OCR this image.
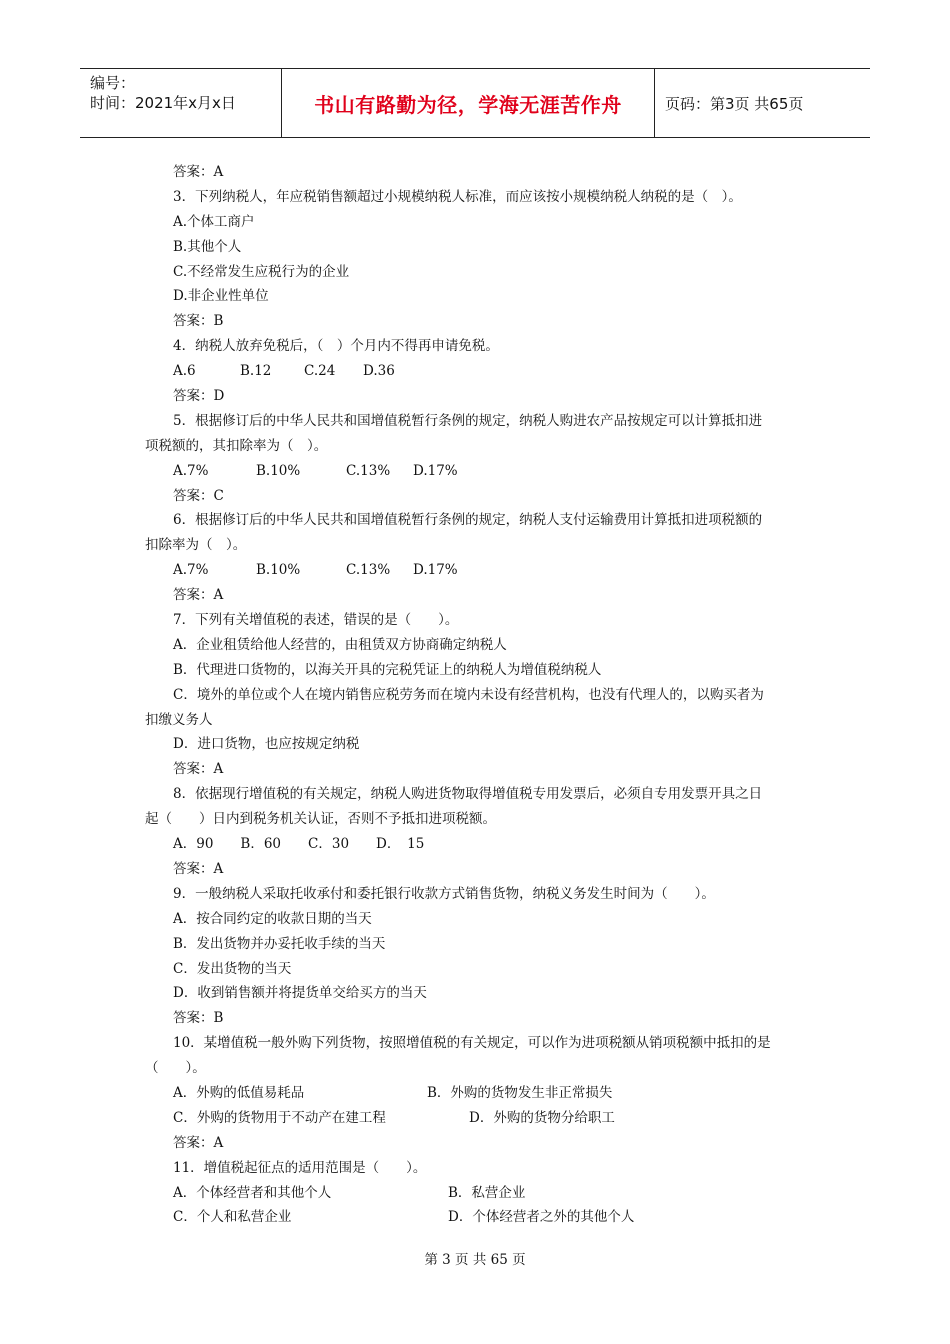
编号：
时间：2021年x月x日	书山有路勤为径，学海无涯苦作舟	页码：第3页 共65页
答案：A
3．下列纳税人，年应税销售额超过小规模纳税人标准，而应该按小规模纳税人纳税的是（　）。
A.个体工商户
B.其他个人
C.不经常发生应税行为的企业
D.非企业性单位
答案：B
4．纳税人放弃免税后，（　）个月内不得再申请免税。
A.6	B.12 C.24 D.36
答案：D
5．根据修订后的中华人民共和国增值税暂行条例的规定，纳税人购进农产品按规定可以计算抵扣进
项税额的，其扣除率为（　）。
A.7%	B.10%	C.13% D.17%
答案：C
6．根据修订后的中华人民共和国增值税暂行条例的规定，纳税人支付运输费用计算抵扣进项税额的
扣除率为（　）。
A.7%	B.10%	C.13% D.17%
答案：A
7．下列有关增值税的表述，错误的是（　　）。
A．企业租赁给他人经营的，由租赁双方协商确定纳税人
B．代理进口货物的，以海关开具的完税凭证上的纳税人为增值税纳税人
C．境外的单位或个人在境内销售应税劳务而在境内未设有经营机构，也没有代理人的，以购买者为
扣缴义务人
D．进口货物，也应按规定纳税
答案：A
8．依据现行增值税的有关规定，纳税人购进货物取得增值税专用发票后，必须自专用发票开具之日
起（　　）日内到税务机关认证，否则不予抵扣进项税额。
A．90　　B．60　　C．30　　D．　15
答案：A
9．一般纳税人采取托收承付和委托银行收款方式销售货物，纳税义务发生时间为（　　）。
A．按合同约定的收款日期的当天
B．发出货物并办妥托收手续的当天
C．发出货物的当天
D．收到销售额并将提货单交给买方的当天
答案：B
10．某增值税一般外购下列货物，按照增值税的有关规定，可以作为进项税额从销项税额中抵扣的是
（　　）。
A．外购的低值易耗品	B．外购的货物发生非正常损失
C．外购的货物用于不动产在建工程	D．外购的货物分给职工
答案：A
11．增值税起征点的适用范围是（　　）。
A．个体经营者和其他个人	B．私营企业
C．个人和私营企业	D．个体经营者之外的其他个人
第 3 页 共 65 页
